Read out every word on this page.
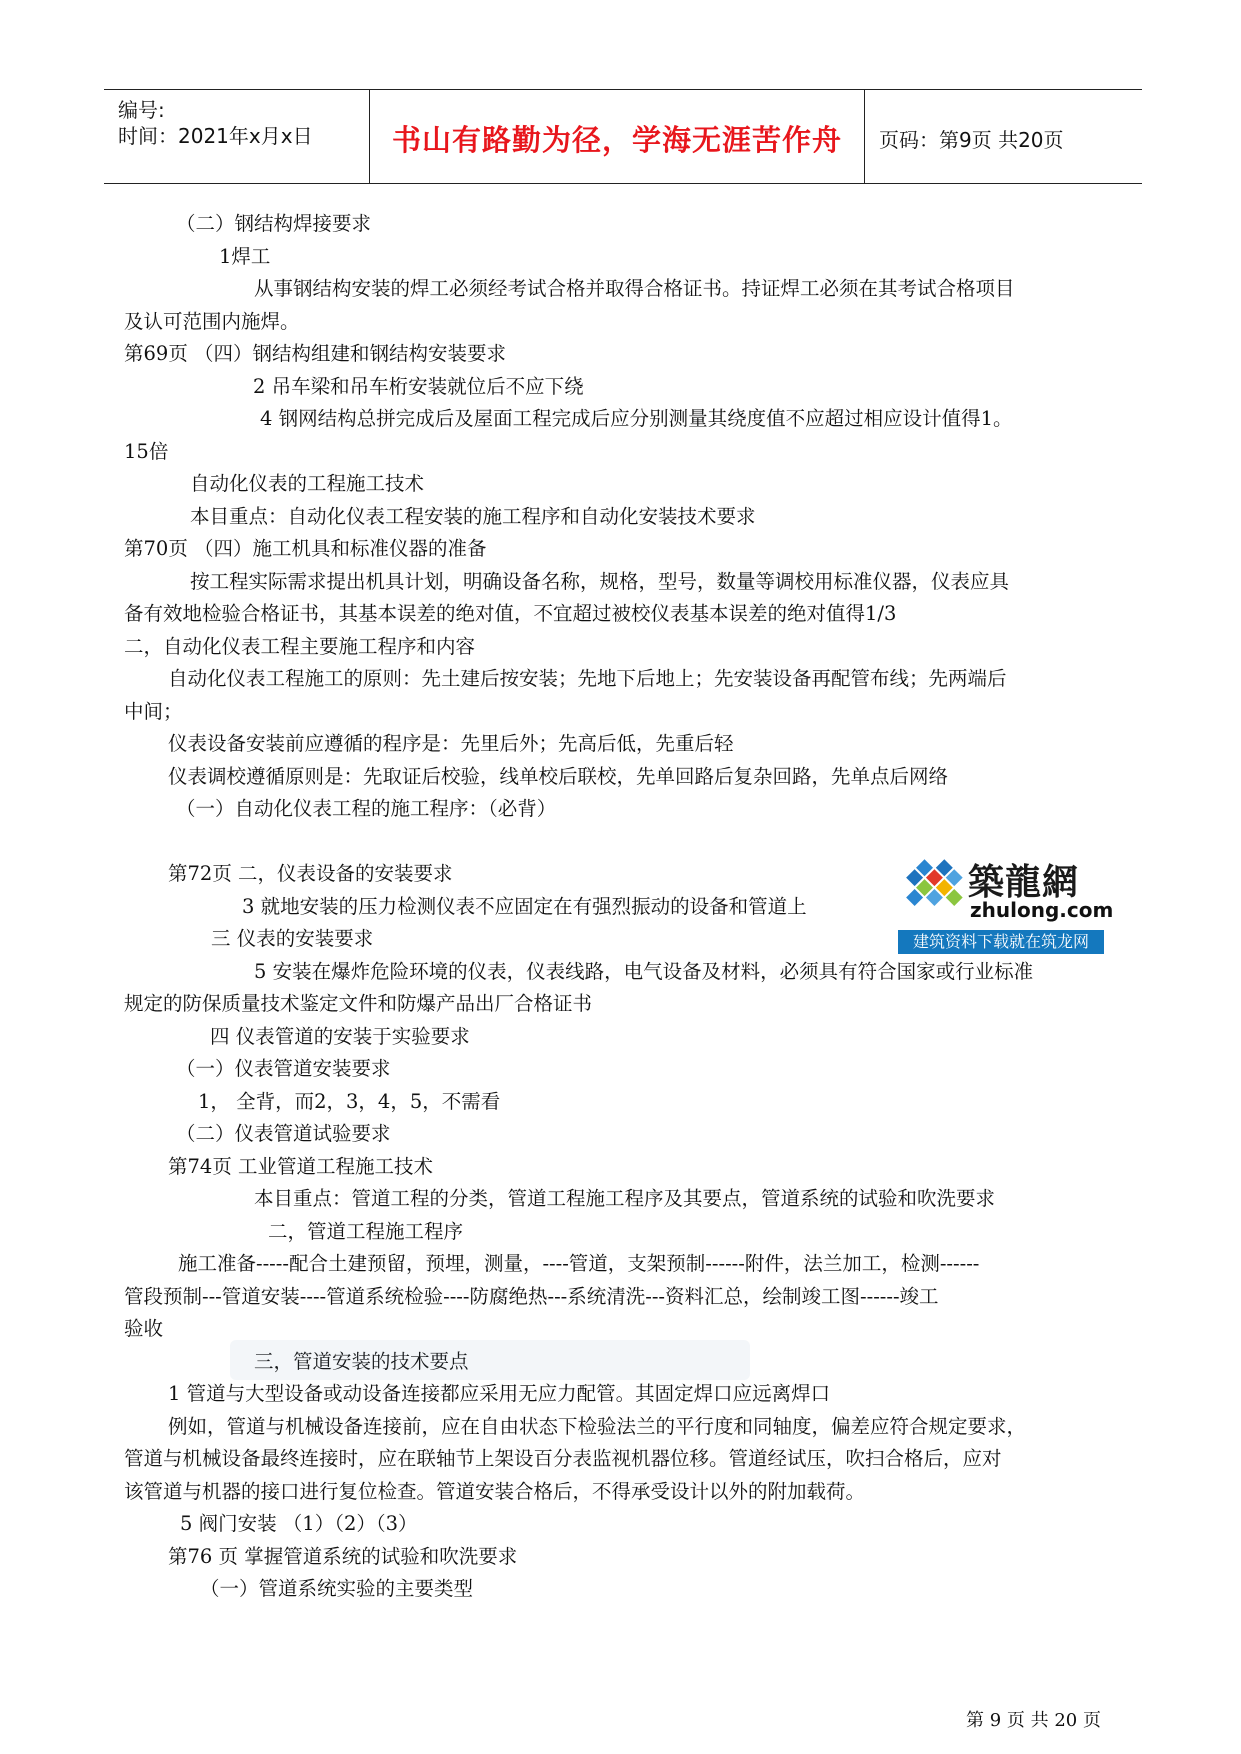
编号:
时间：2021年x月x日	书山有路勤为径，学海无涯苦作舟	页码：第9页 共20页
（二）钢结构焊接要求
1焊工
从事钢结构安装的焊工必须经考试合格并取得合格证书。持证焊工必须在其考试合格项目
及认可范围内施焊。
第69页 （四）钢结构组建和钢结构安装要求
2 吊车梁和吊车桁安装就位后不应下绕
4 钢网结构总拼完成后及屋面工程完成后应分别测量其绕度值不应超过相应设计值得1。
15倍
自动化仪表的工程施工技术
本目重点：自动化仪表工程安装的施工程序和自动化安装技术要求
第70页 （四）施工机具和标准仪器的准备
按工程实际需求提出机具计划，明确设备名称，规格，型号，数量等调校用标准仪器，仪表应具
备有效地检验合格证书，其基本误差的绝对值，不宜超过被校仪表基本误差的绝对值得1/3
二，自动化仪表工程主要施工程序和内容
自动化仪表工程施工的原则：先土建后按安装；先地下后地上；先安装设备再配管布线；先两端后
中间；
仪表设备安装前应遵循的程序是：先里后外；先高后低，先重后轻
仪表调校遵循原则是：先取证后校验，线单校后联校，先单回路后复杂回路，先单点后网络
（一）自动化仪表工程的施工程序：（必背）
第72页 二，仪表设备的安装要求
3 就地安装的压力检测仪表不应固定在有强烈振动的设备和管道上
三 仪表的安装要求
5 安装在爆炸危险环境的仪表，仪表线路，电气设备及材料，必须具有符合国家或行业标准
规定的防保质量技术鉴定文件和防爆产品出厂合格证书
四 仪表管道的安装于实验要求
（一）仪表管道安装要求
1， 全背，而2，3，4，5，不需看
（二）仪表管道试验要求
第74页 工业管道工程施工技术
本目重点：管道工程的分类，管道工程施工程序及其要点，管道系统的试验和吹洗要求
二，管道工程施工程序
施工准备-----配合土建预留，预埋，测量，----管道，支架预制------附件，法兰加工，检测------
管段预制---管道安装----管道系统检验----防腐绝热---系统清洗---资料汇总，绘制竣工图------竣工
验收
三，管道安装的技术要点
1 管道与大型设备或动设备连接都应采用无应力配管。其固定焊口应远离焊口
例如，管道与机械设备连接前，应在自由状态下检验法兰的平行度和同轴度，偏差应符合规定要求，
管道与机械设备最终连接时，应在联轴节上架设百分表监视机器位移。管道经试压，吹扫合格后，应对
该管道与机器的接口进行复位检查。管道安装合格后，不得承受设计以外的附加载荷。
5 阀门安装 （1）（2）（3）
第76 页 掌握管道系统的试验和吹洗要求
（一）管道系统实验的主要类型
築龍網
zhulong.com
建筑资料下载就在筑龙网
第 9 页 共 20 页
